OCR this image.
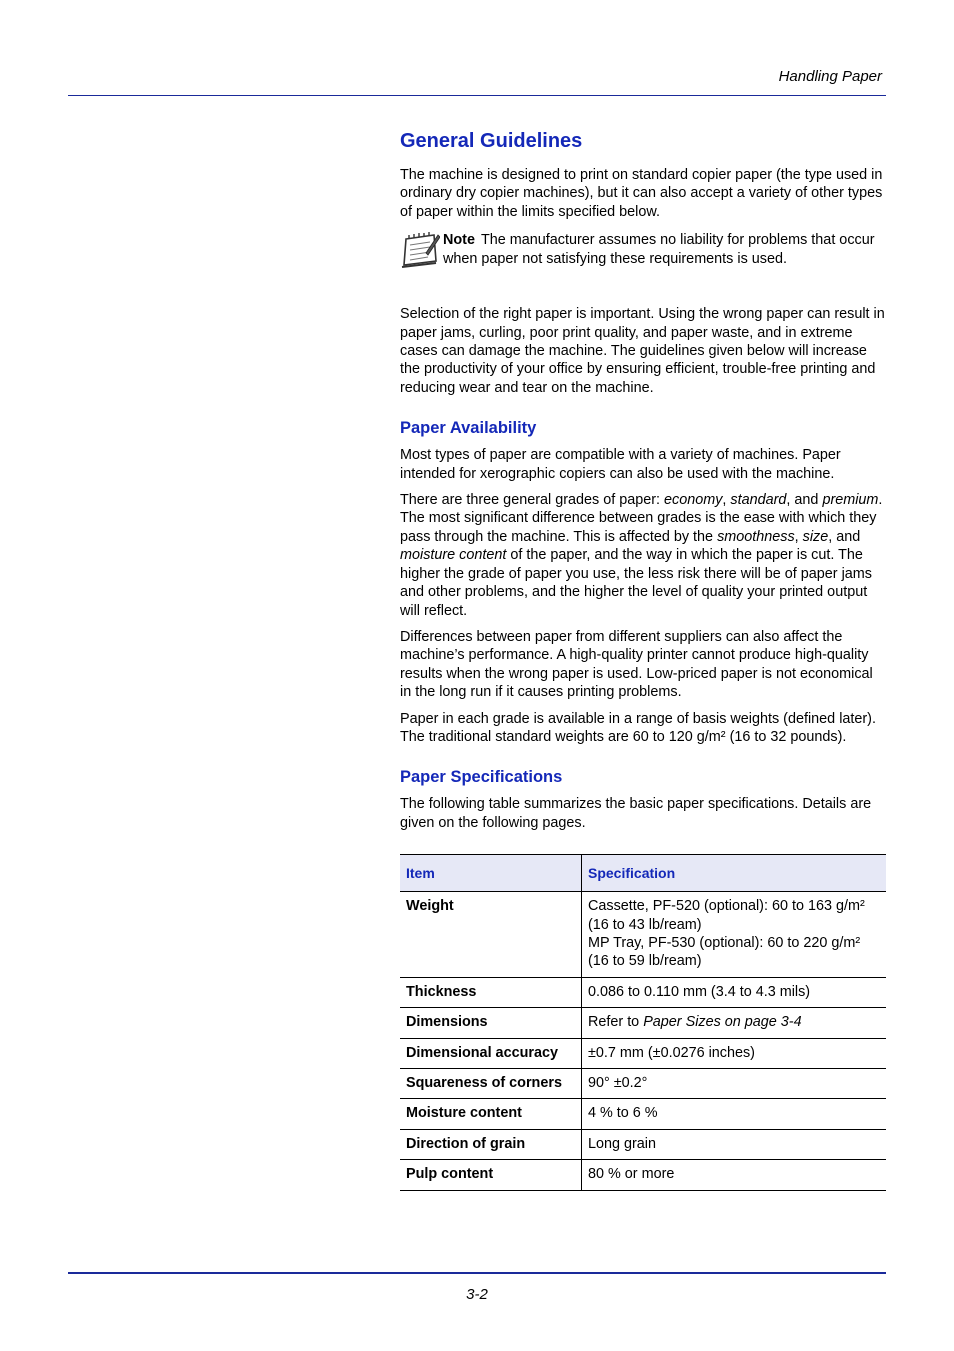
Handling Paper
General Guidelines

The machine is designed to print on standard copier paper (the type used in ordinary dry copier machines), but it can also accept a variety of other types of paper within the limits specified below.

Note The manufacturer assumes no liability for problems that occur when paper not satisfying these requirements is used.

Selection of the right paper is important. Using the wrong paper can result in paper jams, curling, poor print quality, and paper waste, and in extreme cases can damage the machine. The guidelines given below will increase the productivity of your office by ensuring efficient, trouble-free printing and reducing wear and tear on the machine.

Paper Availability

Most types of paper are compatible with a variety of machines. Paper intended for xerographic copiers can also be used with the machine.

There are three general grades of paper: economy, standard, and premium. The most significant difference between grades is the ease with which they pass through the machine. This is affected by the smoothness, size, and moisture content of the paper, and the way in which the paper is cut. The higher the grade of paper you use, the less risk there will be of paper jams and other problems, and the higher the level of quality your printed output will reflect.

Differences between paper from different suppliers can also affect the machine’s performance. A high-quality printer cannot produce high-quality results when the wrong paper is used. Low-priced paper is not economical in the long run if it causes printing problems.

Paper in each grade is available in a range of basis weights (defined later). The traditional standard weights are 60 to 120 g/m² (16 to 32 pounds).

Paper Specifications

The following table summarizes the basic paper specifications. Details are given on the following pages.

Item	Specification
Weight	Cassette, PF-520 (optional): 60 to 163 g/m²
(16 to 43 lb/ream)
MP Tray, PF-530 (optional): 60 to 220 g/m²
(16 to 59 lb/ream)

Thickness	0.086 to 0.110 mm (3.4 to 4.3 mils)
Dimensions	Refer to Paper Sizes on page 3-4
Dimensional accuracy	±0.7 mm (±0.0276 inches)
Squareness of corners	90° ±0.2°
Moisture content	4 % to 6 %
Direction of grain	Long grain
Pulp content	80 % or more
3-2
